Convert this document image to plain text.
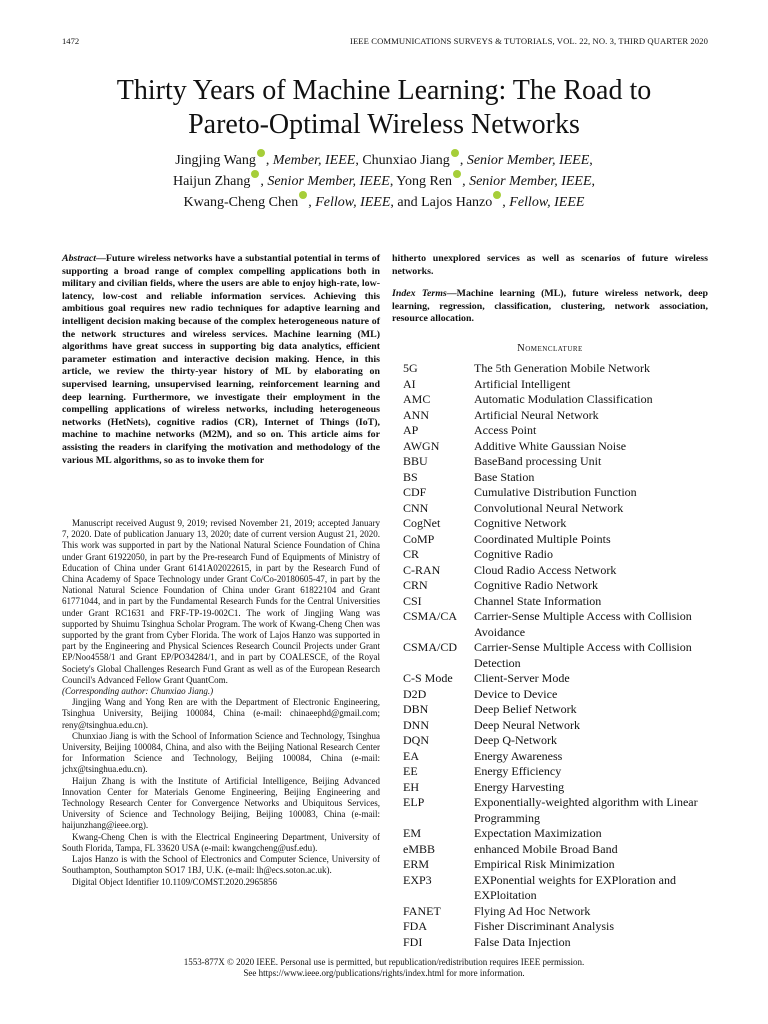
1472	IEEE COMMUNICATIONS SURVEYS & TUTORIALS, VOL. 22, NO. 3, THIRD QUARTER 2020
Thirty Years of Machine Learning: The Road to
Pareto-Optimal Wireless Networks
Jingjing Wang , Member, IEEE, Chunxiao Jiang , Senior Member, IEEE,
Haijun Zhang , Senior Member, IEEE, Yong Ren , Senior Member, IEEE,
Kwang-Cheng Chen , Fellow, IEEE, and Lajos Hanzo , Fellow, IEEE
Abstract—Future wireless networks have a substantial potential in terms of supporting a broad range of complex compelling applications both in military and civilian fields, where the users are able to enjoy high-rate, low-latency, low-cost and reliable information services. Achieving this ambitious goal requires new radio techniques for adaptive learning and intelligent decision making because of the complex heterogeneous nature of the network structures and wireless services. Machine learning (ML) algorithms have great success in supporting big data analytics, efficient parameter estimation and interactive decision making. Hence, in this article, we review the thirty-year history of ML by elaborating on supervised learning, unsupervised learning, reinforcement learning and deep learning. Furthermore, we investigate their employment in the compelling applications of wireless networks, including heterogeneous networks (HetNets), cognitive radios (CR), Internet of Things (IoT), machine to machine networks (M2M), and so on. This article aims for assisting the readers in clarifying the motivation and methodology of the various ML algorithms, so as to invoke them for

Manuscript received August 9, 2019; revised November 21, 2019; accepted January 7, 2020. Date of publication January 13, 2020; date of current version August 21, 2020. This work was supported in part by the National Natural Science Foundation of China under Grant 61922050, in part by the Pre-research Fund of Equipments of Ministry of Education of China under Grant 6141A02022615, in part by the Research Fund of China Academy of Space Technology under Grant Co/Co-20180605-47, in part by the National Natural Science Foundation of China under Grant 61822104 and Grant 61771044, and in part by the Fundamental Research Funds for the Central Universities under Grant RC1631 and FRF-TP-19-002C1. The work of Jingjing Wang was supported by Shuimu Tsinghua Scholar Program. The work of Kwang-Cheng Chen was supported by the grant from Cyber Florida. The work of Lajos Hanzo was supported in part by the Engineering and Physical Sciences Research Council Projects under Grant EP/Noo4558/1 and Grant EP/PO34284/1, and in part by COALESCE, of the Royal Society's Global Challenges Research Fund Grant as well as of the European Research Council's Advanced Fellow Grant QuantCom.

(Corresponding author: Chunxiao Jiang.)

Jingjing Wang and Yong Ren are with the Department of Electronic Engineering, Tsinghua University, Beijing 100084, China (e-mail: chinaeephd@gmail.com; reny@tsinghua.edu.cn).

Chunxiao Jiang is with the School of Information Science and Technology, Tsinghua University, Beijing 100084, China, and also with the Beijing National Research Center for Information Science and Technology, Beijing 100084, China (e-mail: jchx@tsinghua.edu.cn).

Haijun Zhang is with the Institute of Artificial Intelligence, Beijing Advanced Innovation Center for Materials Genome Engineering, Beijing Engineering and Technology Research Center for Convergence Networks and Ubiquitous Services, University of Science and Technology Beijing, Beijing 100083, China (e-mail: haijunzhang@ieee.org).

Kwang-Cheng Chen is with the Electrical Engineering Department, University of South Florida, Tampa, FL 33620 USA (e-mail: kwangcheng@usf.edu).

Lajos Hanzo is with the School of Electronics and Computer Science, University of Southampton, Southampton SO17 1BJ, U.K. (e-mail: lh@ecs.soton.ac.uk).

Digital Object Identifier 10.1109/COMST.2020.2965856

hitherto unexplored services as well as scenarios of future wireless networks.
Index Terms—Machine learning (ML), future wireless network, deep learning, regression, classification, clustering, network association, resource allocation.
Nomenclature
5G	The 5th Generation Mobile Network
AI	Artificial Intelligent
AMC	Automatic Modulation Classification
ANN	Artificial Neural Network
AP	Access Point
AWGN	Additive White Gaussian Noise
BBU	BaseBand processing Unit
BS	Base Station
CDF	Cumulative Distribution Function
CNN	Convolutional Neural Network
CogNet	Cognitive Network
CoMP	Coordinated Multiple Points
CR	Cognitive Radio
C-RAN	Cloud Radio Access Network
CRN	Cognitive Radio Network
CSI	Channel State Information
CSMA/CA	Carrier-Sense Multiple Access with Collision Avoidance
CSMA/CD	Carrier-Sense Multiple Access with Collision Detection
C-S Mode	Client-Server Mode
D2D	Device to Device
DBN	Deep Belief Network
DNN	Deep Neural Network
DQN	Deep Q-Network
EA	Energy Awareness
EE	Energy Efficiency
EH	Energy Harvesting
ELP	Exponentially-weighted algorithm with Linear Programming
EM	Expectation Maximization
eMBB	enhanced Mobile Broad Band
ERM	Empirical Risk Minimization
EXP3	EXPonential weights for EXPloration and EXPloitation
FANET	Flying Ad Hoc Network
FDA	Fisher Discriminant Analysis
FDI	False Data Injection
1553-877X © 2020 IEEE. Personal use is permitted, but republication/redistribution requires IEEE permission.
See https://www.ieee.org/publications/rights/index.html for more information.
